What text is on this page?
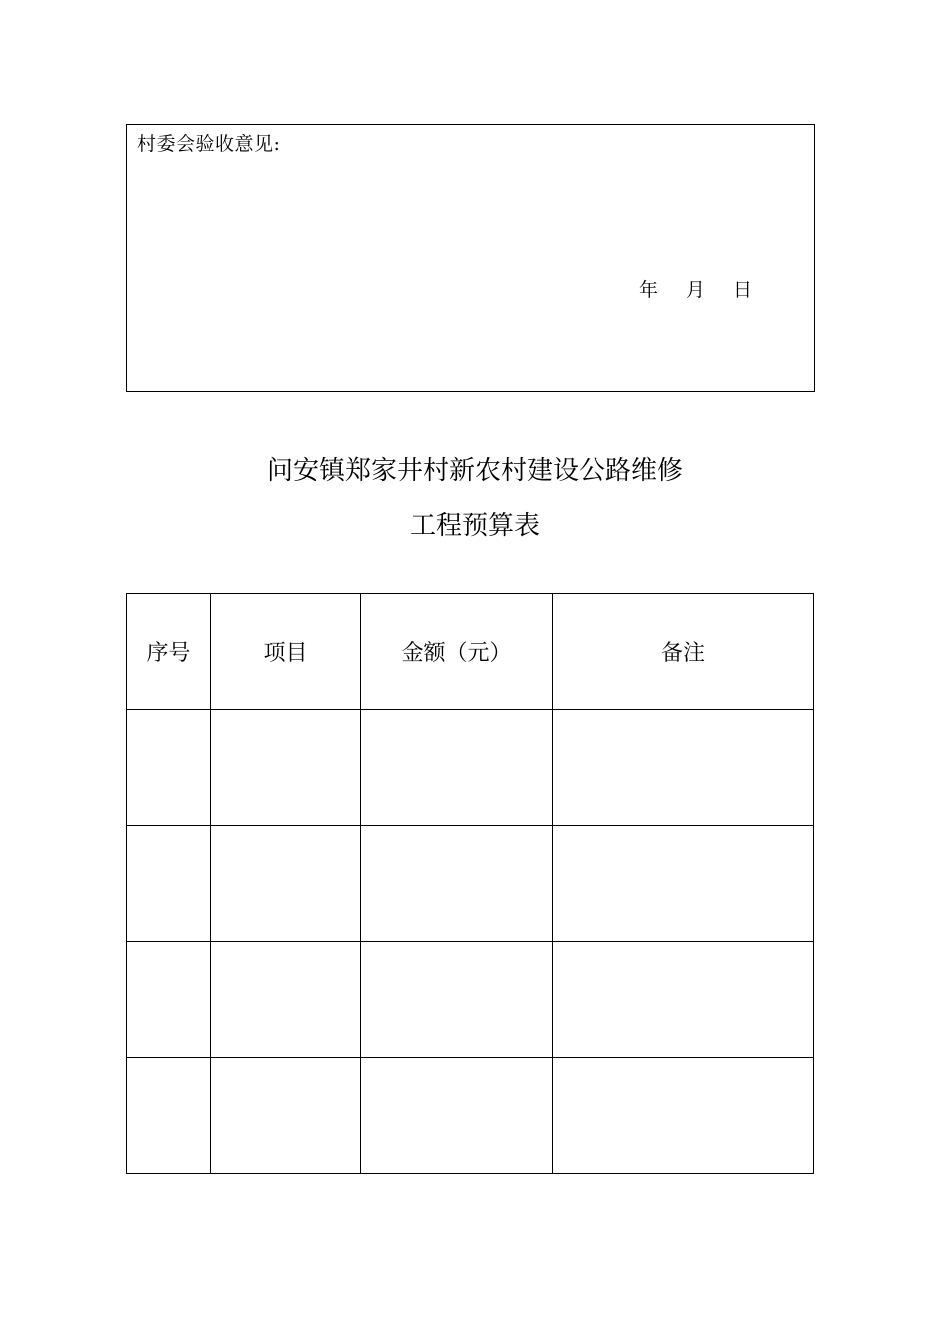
村委会验收意见:
年 月 日
问安镇郑家井村新农村建设公路维修
工程预算表
序号	项目	金额（元）	备注
